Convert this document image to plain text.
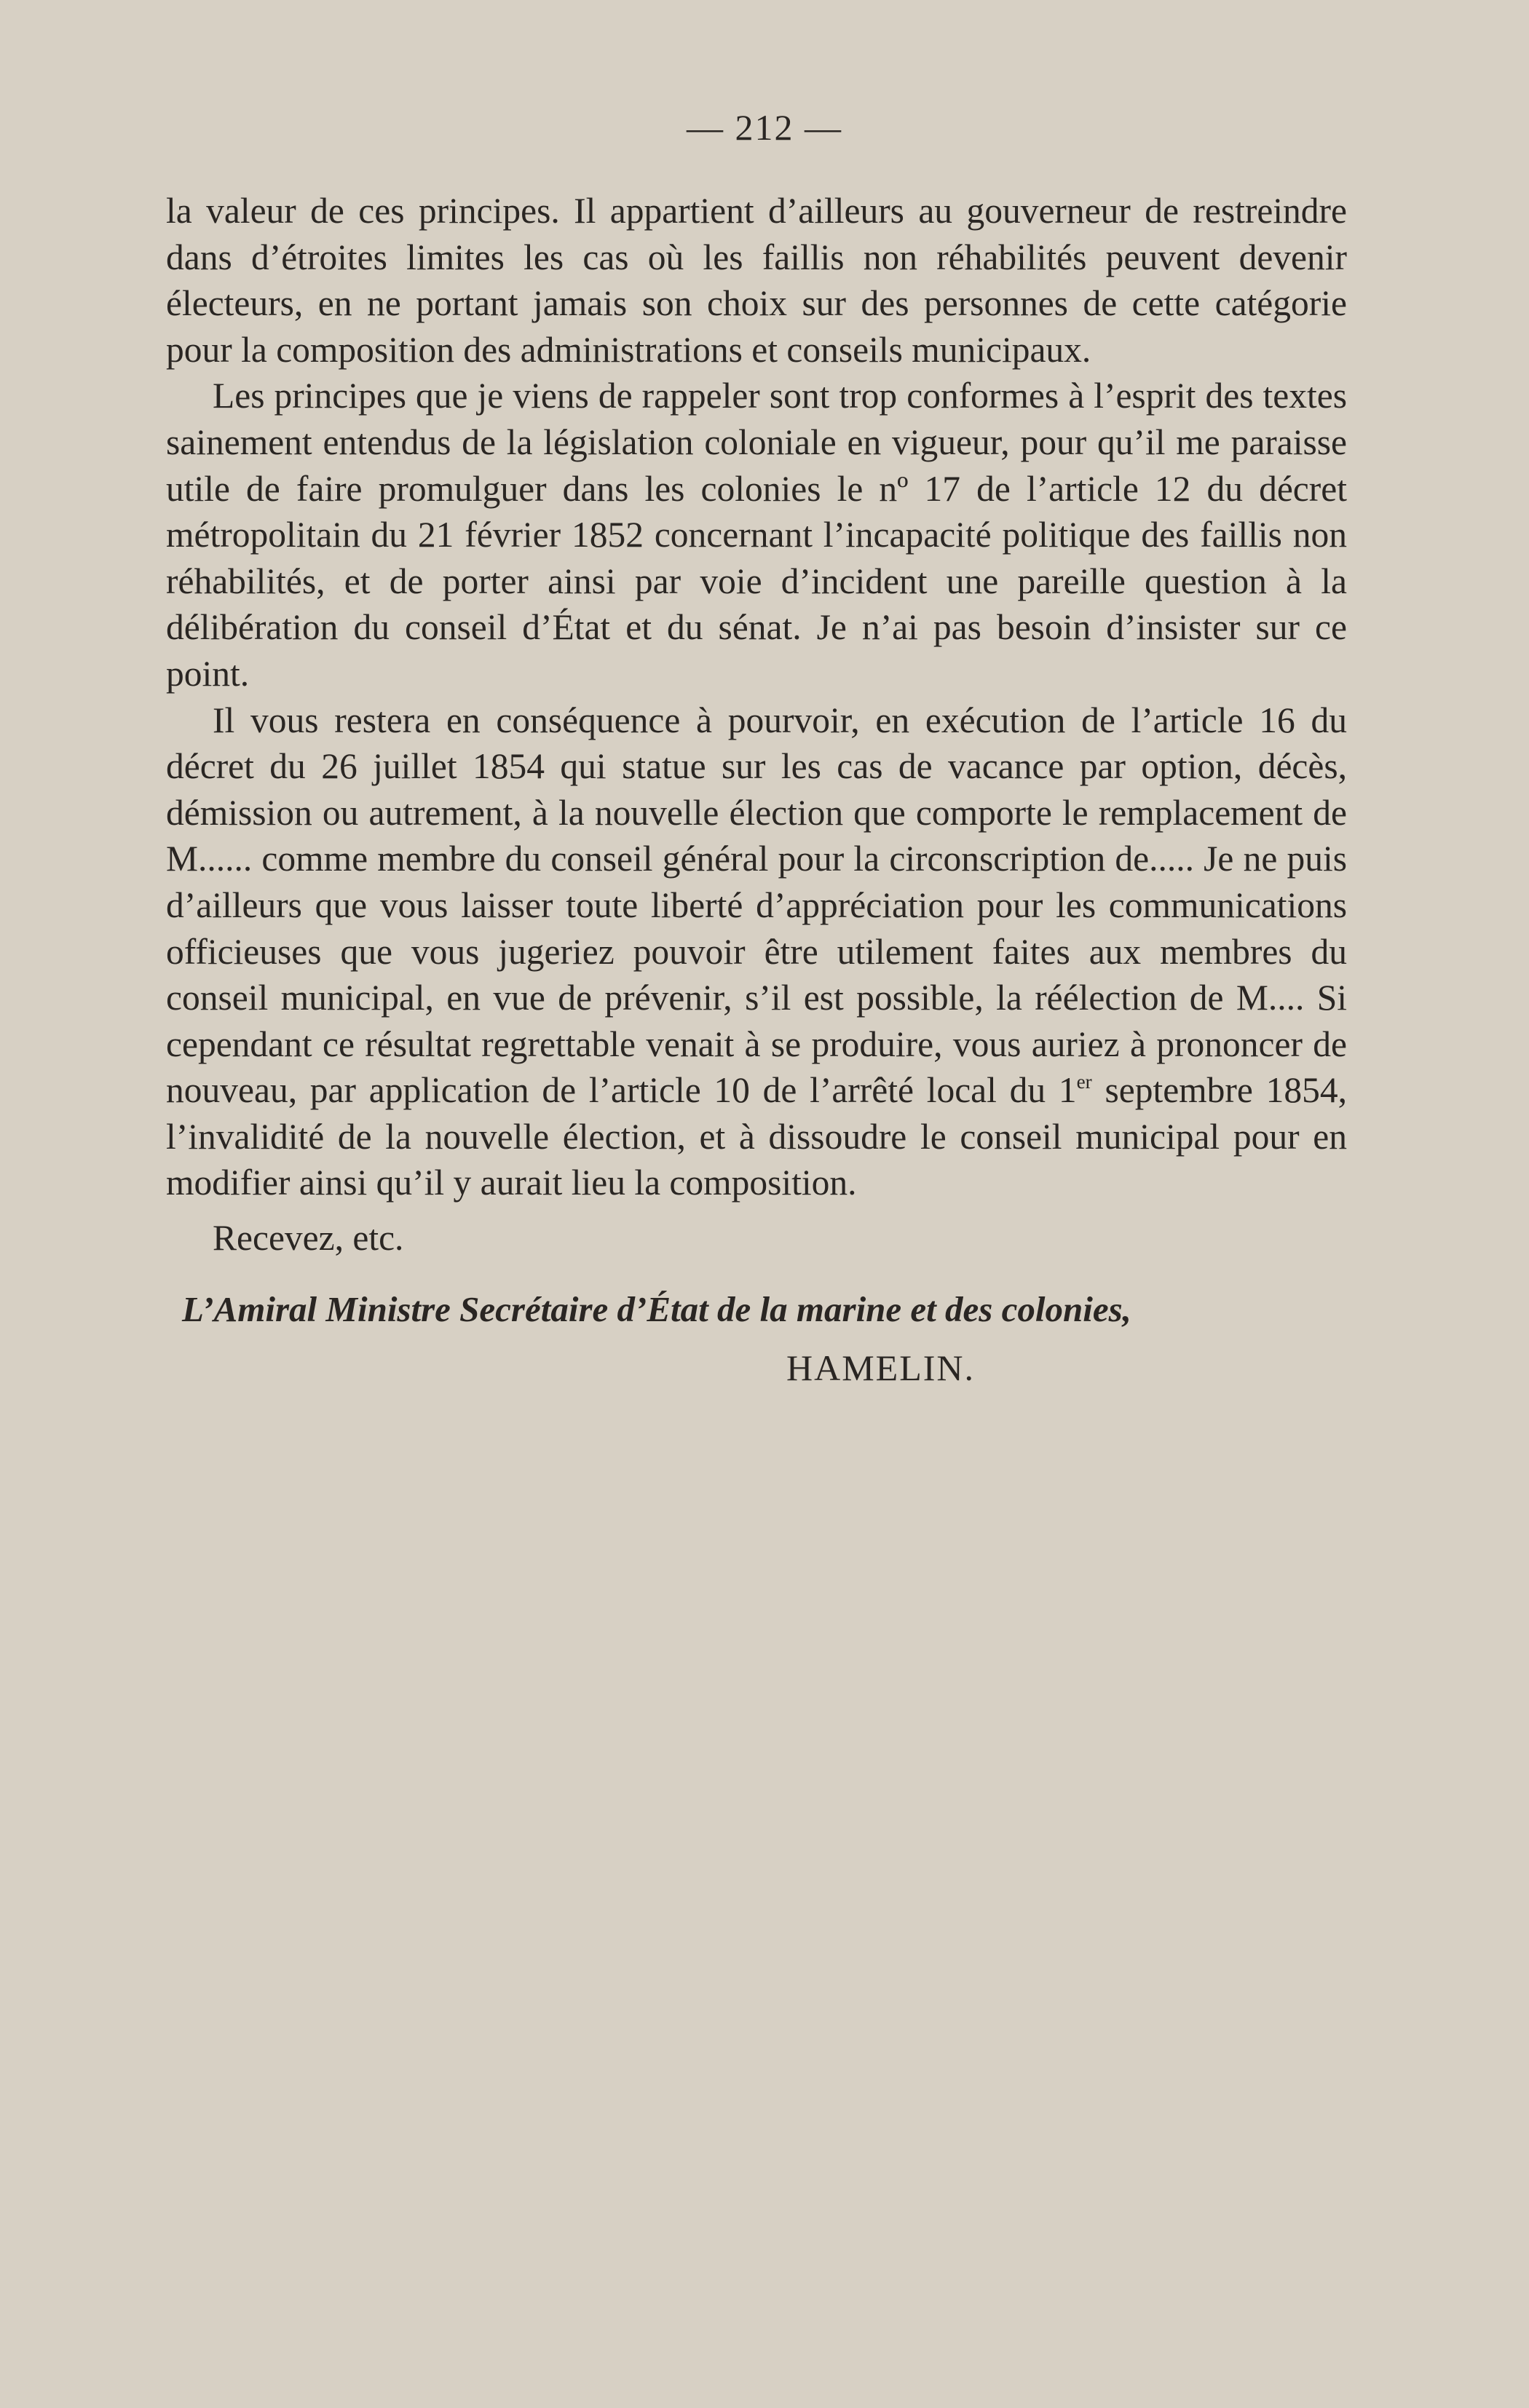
— 212 —

la valeur de ces principes. Il appartient d’ailleurs au gouverneur de restreindre dans d’étroites limites les cas où les faillis non réhabilités peuvent devenir électeurs, en ne portant jamais son choix sur des personnes de cette catégorie pour la composition des administrations et conseils municipaux.

Les principes que je viens de rappeler sont trop conformes à l’esprit des textes sainement entendus de la législation coloniale en vigueur, pour qu’il me paraisse utile de faire promulguer dans les colonies le nº 17 de l’article 12 du décret métropolitain du 21 février 1852 concernant l’incapacité politique des faillis non réhabilités, et de porter ainsi par voie d’incident une pareille question à la délibération du conseil d’État et du sénat. Je n’ai pas besoin d’insister sur ce point.

Il vous restera en conséquence à pourvoir, en exécution de l’article 16 du décret du 26 juillet 1854 qui statue sur les cas de vacance par option, décès, démission ou autrement, à la nouvelle élection que comporte le remplacement de M...... comme membre du conseil général pour la circonscription de..... Je ne puis d’ailleurs que vous laisser toute liberté d’appréciation pour les communications officieuses que vous jugeriez pouvoir être utilement faites aux membres du conseil municipal, en vue de prévenir, s’il est possible, la réélection de M.... Si cependant ce résultat regrettable venait à se produire, vous auriez à prononcer de nouveau, par application de l’article 10 de l’arrêté local du 1er septembre 1854, l’invalidité de la nouvelle élection, et à dissoudre le conseil municipal pour en modifier ainsi qu’il y aurait lieu la composition.

Recevez, etc.

L’Amiral Ministre Secrétaire d’État de la marine et des colonies,

HAMELIN.
